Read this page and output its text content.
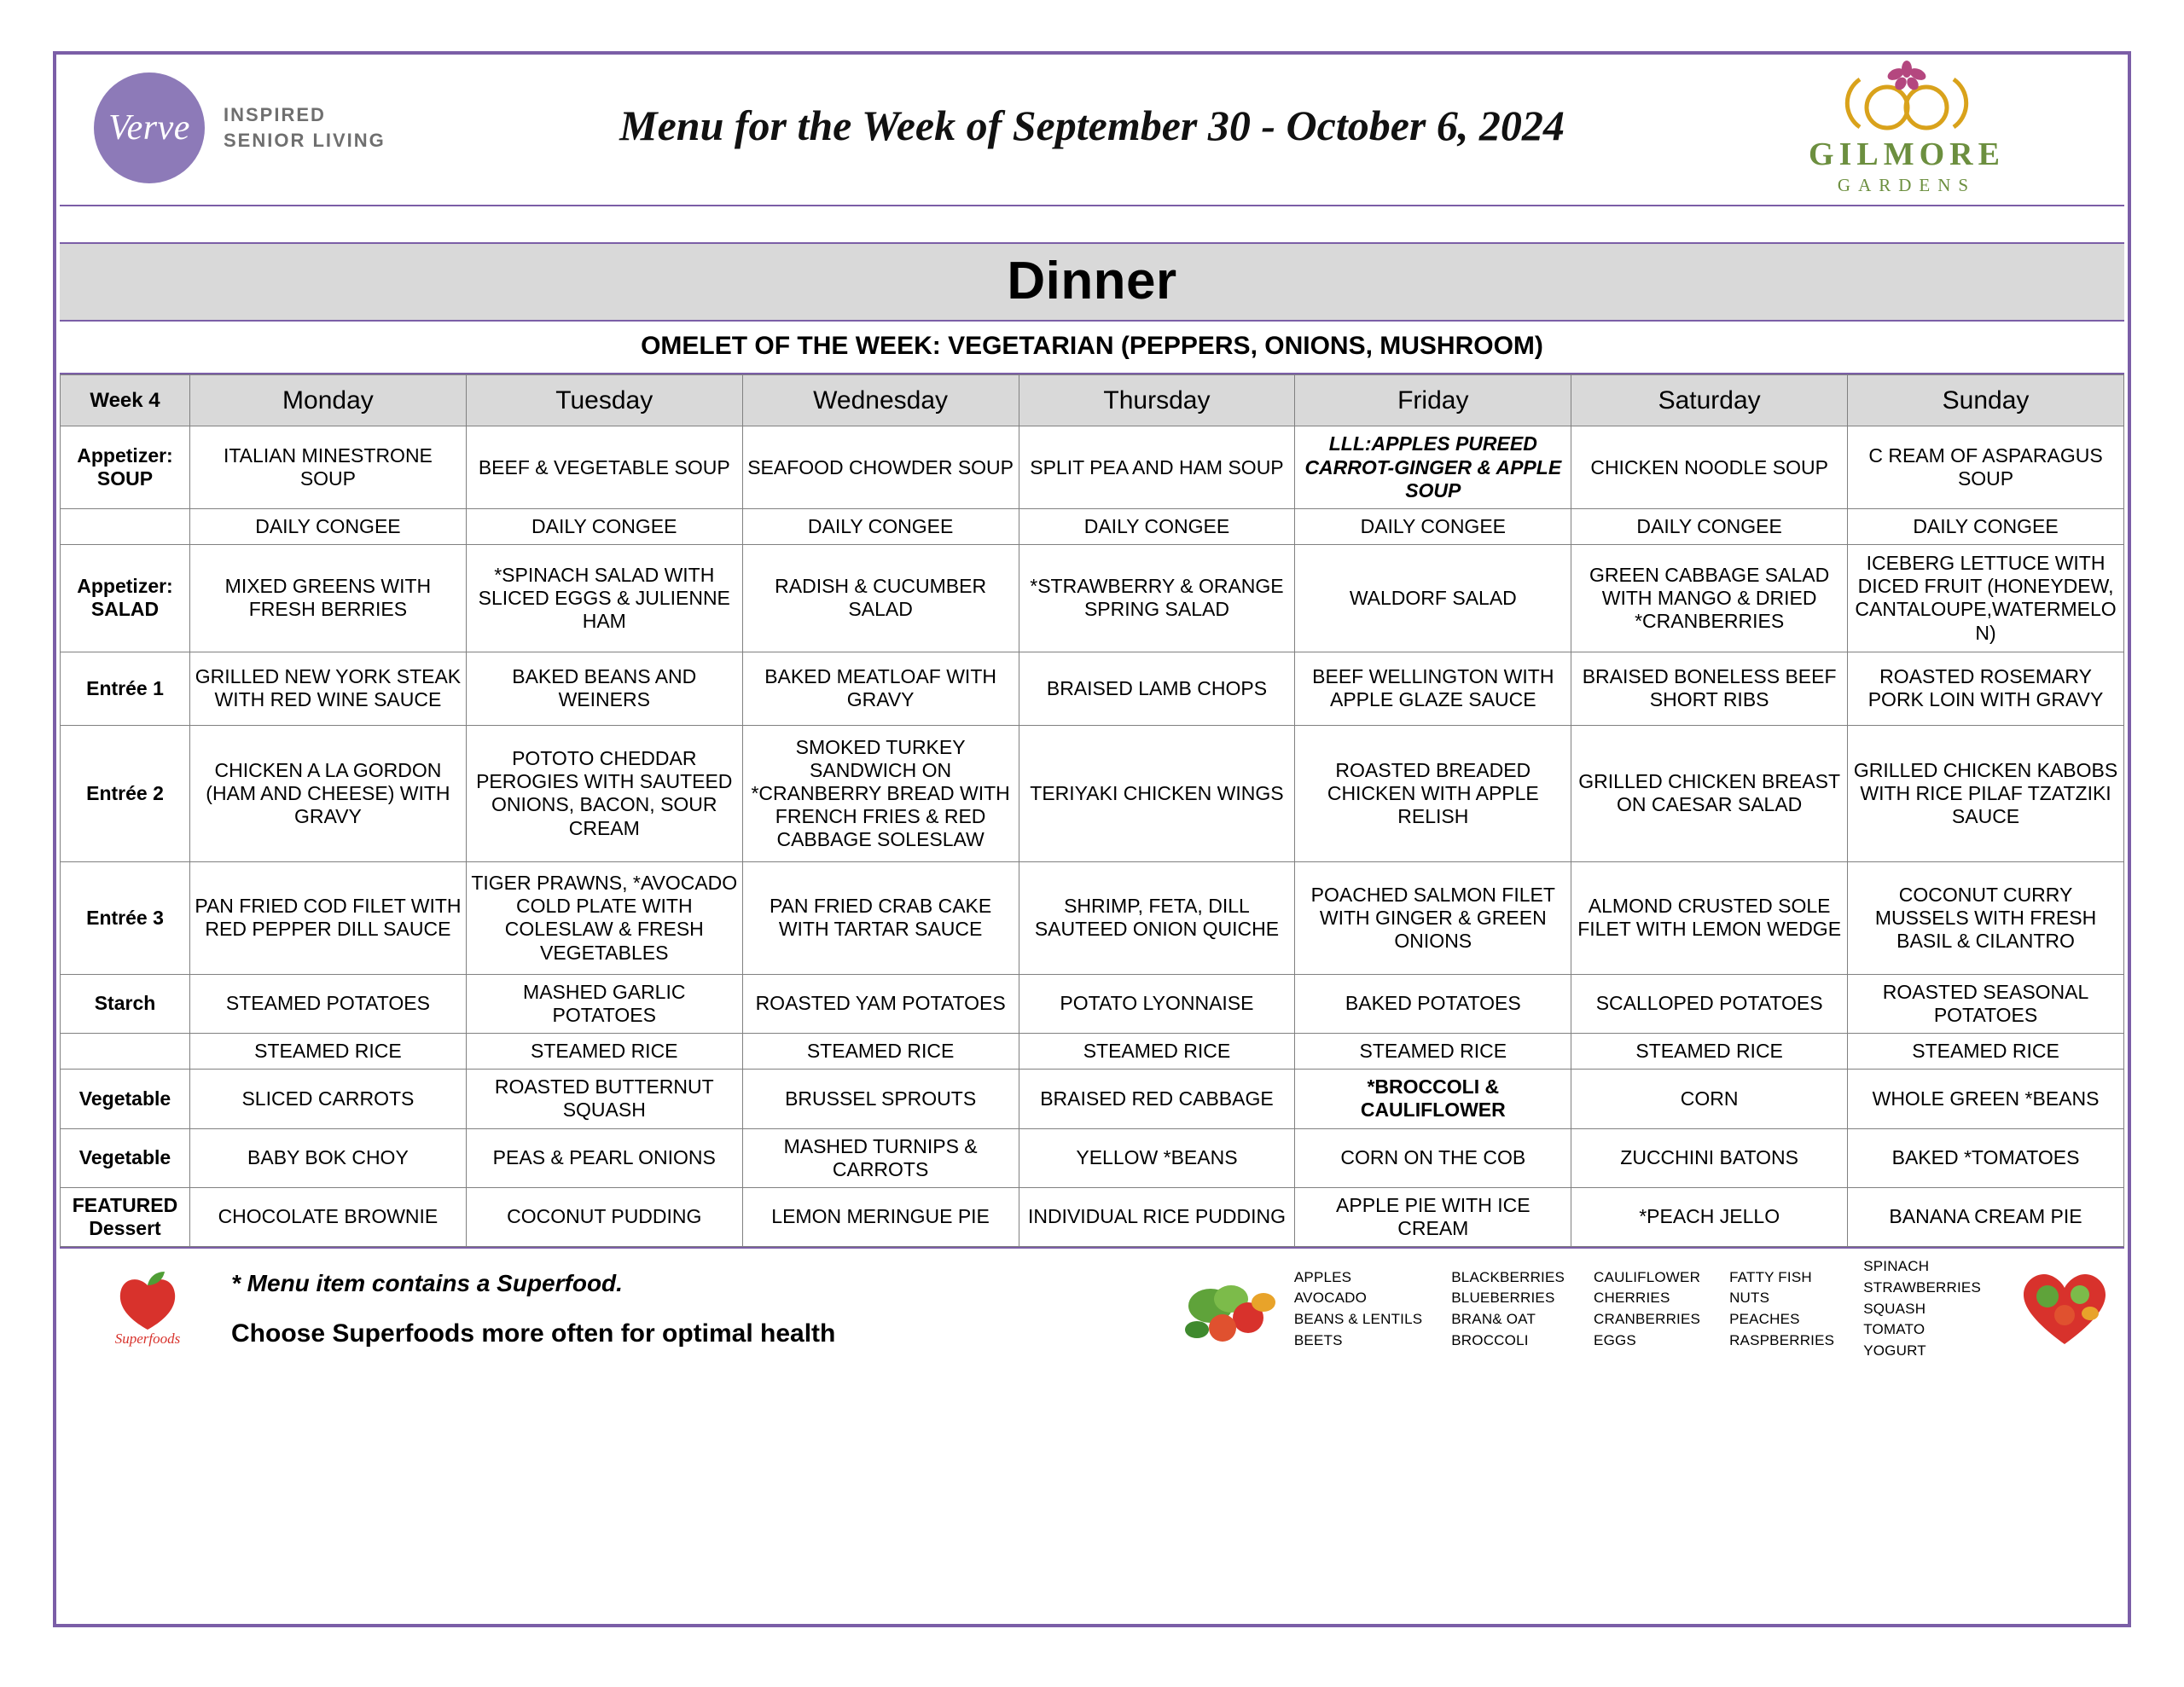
Verve INSPIRED
SENIOR LIVING	Menu for the Week of September 30 - October 6, 2024
GILMORE
GARDENS
Dinner
OMELET OF THE WEEK: VEGETARIAN (PEPPERS, ONIONS, MUSHROOM)
Week 4	Monday	Tuesday	Wednesday	Thursday	Friday	Saturday	Sunday

Appetizer:
SOUP	ITALIAN MINESTRONE SOUP	BEEF & VEGETABLE SOUP	SEAFOOD CHOWDER SOUP	SPLIT PEA AND HAM SOUP	LLL:APPLES PUREED CARROT-GINGER & APPLE SOUP	CHICKEN NOODLE SOUP	C REAM OF ASPARAGUS SOUP
	DAILY CONGEE	DAILY CONGEE	DAILY CONGEE	DAILY CONGEE	DAILY CONGEE	DAILY CONGEE	DAILY CONGEE

Appetizer:
SALAD	MIXED GREENS WITH FRESH BERRIES	*SPINACH SALAD WITH SLICED EGGS & JULIENNE HAM	RADISH & CUCUMBER SALAD	*STRAWBERRY & ORANGE SPRING SALAD	WALDORF SALAD	GREEN CABBAGE SALAD WITH MANGO & DRIED *CRANBERRIES	ICEBERG LETTUCE WITH DICED FRUIT (HONEYDEW, CANTALOUPE,WATERMELON)
Entrée 1	GRILLED NEW YORK STEAK WITH RED WINE SAUCE	BAKED BEANS AND WEINERS	BAKED MEATLOAF WITH GRAVY	BRAISED LAMB CHOPS	BEEF WELLINGTON WITH APPLE GLAZE SAUCE	BRAISED BONELESS BEEF SHORT RIBS	ROASTED ROSEMARY PORK LOIN WITH GRAVY
Entrée 2	CHICKEN A LA GORDON (HAM AND CHEESE) WITH GRAVY	POTOTO CHEDDAR PEROGIES WITH SAUTEED ONIONS, BACON, SOUR CREAM	SMOKED TURKEY SANDWICH ON *CRANBERRY BREAD WITH FRENCH FRIES & RED CABBAGE SOLESLAW	TERIYAKI CHICKEN WINGS	ROASTED BREADED CHICKEN WITH APPLE RELISH	GRILLED CHICKEN BREAST ON CAESAR SALAD	GRILLED CHICKEN KABOBS WITH RICE PILAF TZATZIKI SAUCE
Entrée 3	PAN FRIED COD FILET WITH RED PEPPER DILL SAUCE	TIGER PRAWNS, *AVOCADO COLD PLATE WITH COLESLAW & FRESH VEGETABLES	PAN FRIED CRAB CAKE WITH TARTAR SAUCE	SHRIMP, FETA, DILL SAUTEED ONION QUICHE	POACHED SALMON FILET WITH GINGER & GREEN ONIONS	ALMOND CRUSTED SOLE FILET WITH LEMON WEDGE	COCONUT CURRY MUSSELS WITH FRESH BASIL & CILANTRO
Starch	STEAMED POTATOES	MASHED GARLIC POTATOES	ROASTED YAM POTATOES	POTATO LYONNAISE	BAKED POTATOES	SCALLOPED POTATOES	ROASTED SEASONAL POTATOES
	STEAMED RICE	STEAMED RICE	STEAMED RICE	STEAMED RICE	STEAMED RICE	STEAMED RICE	STEAMED RICE
Vegetable	SLICED CARROTS	ROASTED BUTTERNUT SQUASH	BRUSSEL SPROUTS	BRAISED RED CABBAGE	*BROCCOLI & CAULIFLOWER	CORN	WHOLE GREEN *BEANS
Vegetable	BABY BOK CHOY	PEAS & PEARL ONIONS	MASHED TURNIPS & CARROTS	YELLOW *BEANS	CORN ON THE COB	ZUCCHINI BATONS	BAKED *TOMATOES

FEATURED
Dessert	CHOCOLATE BROWNIE	COCONUT PUDDING	LEMON MERINGUE PIE	INDIVIDUAL RICE PUDDING	APPLE PIE WITH ICE CREAM	*PEACH JELLO	BANANA CREAM PIE
Superfoods
* Menu item contains a Superfood.
Choose Superfoods more often for optimal health
APPLES
AVOCADO
BEANS & LENTILS
BEETS
BLACKBERRIES
BLUEBERRIES
BRAN& OAT
BROCCOLI
CAULIFLOWER
CHERRIES
CRANBERRIES
EGGS
FATTY FISH
NUTS
PEACHES
RASPBERRIES
SPINACH
STRAWBERRIES
SQUASH
TOMATO
YOGURT
